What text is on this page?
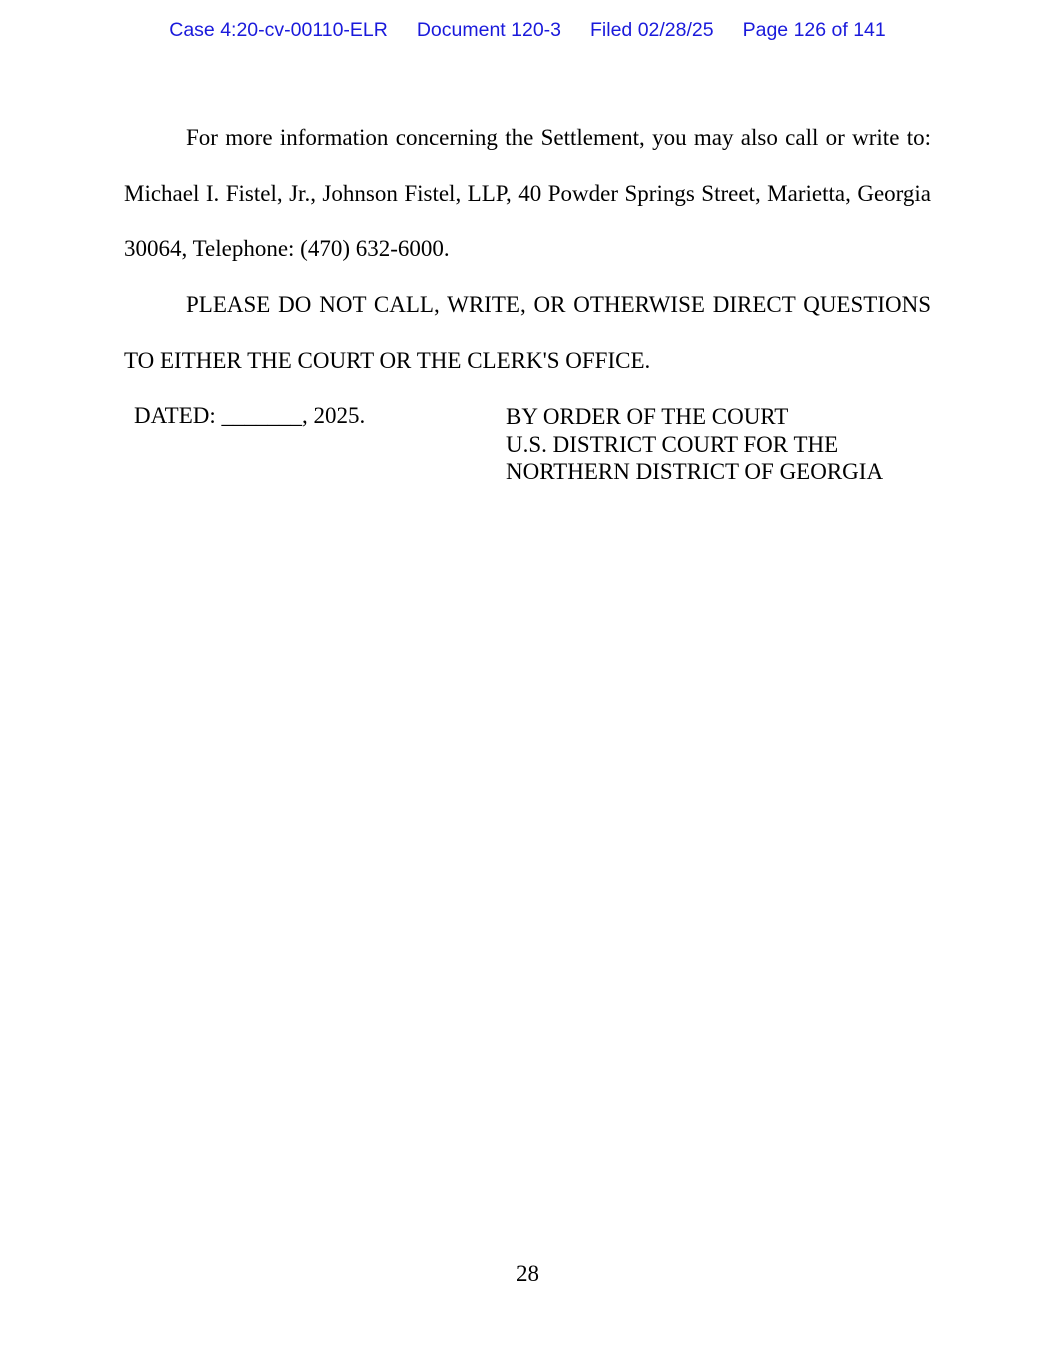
Case 4:20-cv-00110-ELR Document 120-3 Filed 02/28/25 Page 126 of 141

For more information concerning the Settlement, you may also call or write to: Michael I. Fistel, Jr., Johnson Fistel, LLP, 40 Powder Springs Street, Marietta, Georgia 30064, Telephone: (470) 632-6000.

PLEASE DO NOT CALL, WRITE, OR OTHERWISE DIRECT QUESTIONS TO EITHER THE COURT OR THE CLERK'S OFFICE.

DATED: _______, 2025.	BY ORDER OF THE COURT
U.S. DISTRICT COURT FOR THE
NORTHERN DISTRICT OF GEORGIA
28
